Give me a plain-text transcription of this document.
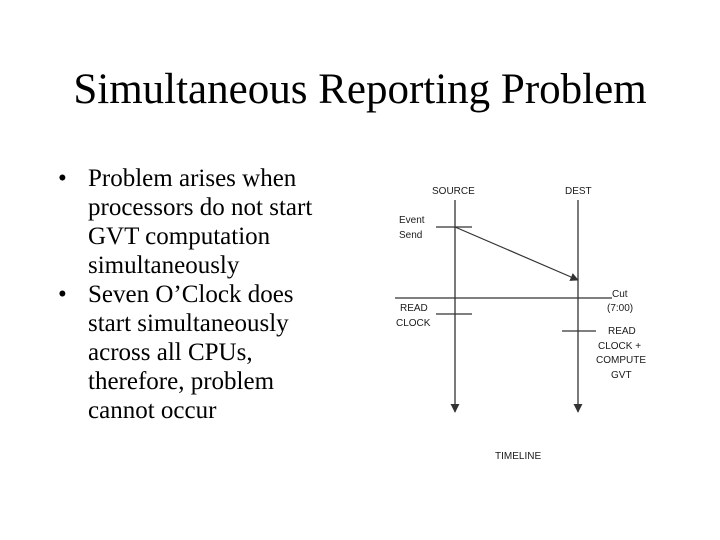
Simultaneous Reporting Problem
• Problem arises when
processors do not start
GVT computation
simultaneously
• Seven O’Clock does
start simultaneously
across all CPUs,
therefore, problem
cannot occur
SOURCE	DEST
Event
Send
READ
CLOCK
Cut
(7:00)
READ
CLOCK +
COMPUTE
GVT
TIMELINE
